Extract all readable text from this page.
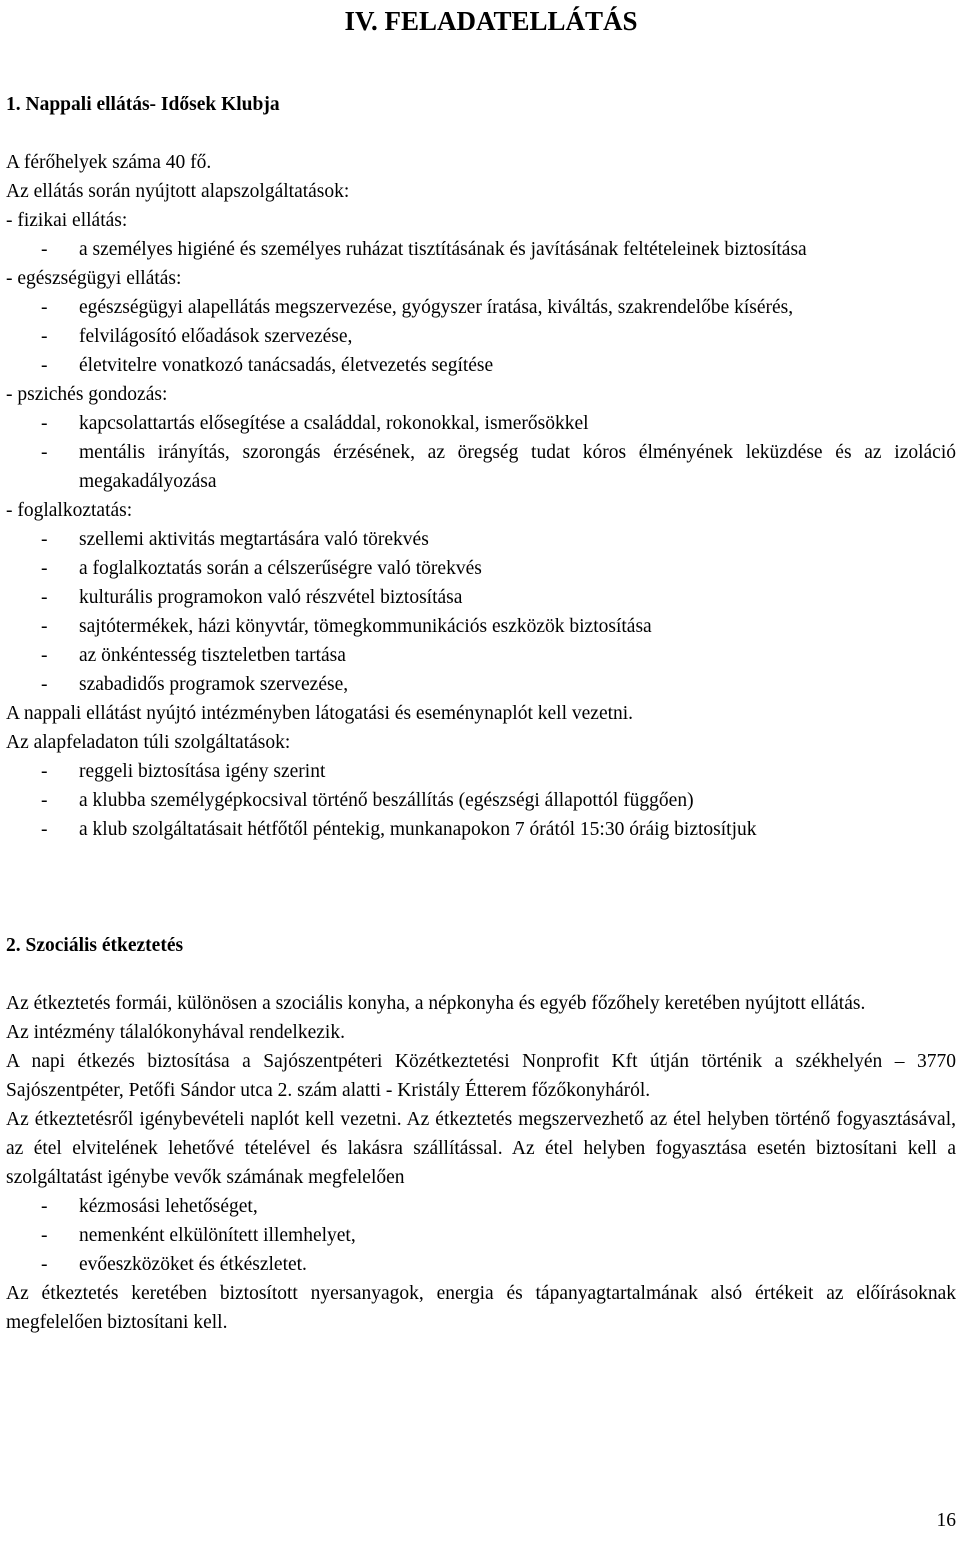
IV. FELADATELLÁTÁS
1. Nappali ellátás- Idősek Klubja

A férőhelyek száma 40 fő.

Az ellátás során nyújtott alapszolgáltatások:

- fizikai ellátás:

- a személyes higiéné és személyes ruházat tisztításának és javításának feltételeinek biztosítása

- egészségügyi ellátás:

- egészségügyi alapellátás megszervezése, gyógyszer íratása, kiváltás, szakrendelőbe kísérés,
- felvilágosító előadások szervezése,
- életvitelre vonatkozó tanácsadás, életvezetés segítése

- pszichés gondozás:

- kapcsolattartás elősegítése a családdal, rokonokkal, ismerősökkel
- mentális irányítás, szorongás érzésének, az öregség tudat kóros élményének leküzdése és az izoláció megakadályozása

- foglalkoztatás:

- szellemi aktivitás megtartására való törekvés
- a foglalkoztatás során a célszerűségre való törekvés
- kulturális programokon való részvétel biztosítása
- sajtótermékek, házi könyvtár, tömegkommunikációs eszközök biztosítása
- az önkéntesség tiszteletben tartása
- szabadidős programok szervezése,

A nappali ellátást nyújtó intézményben látogatási és eseménynaplót kell vezetni.

Az alapfeladaton túli szolgáltatások:

- reggeli biztosítása igény szerint
- a klubba személygépkocsival történő beszállítás (egészségi állapottól függően)
- a klub szolgáltatásait hétfőtől péntekig, munkanapokon 7 órától 15:30 óráig biztosítjuk
2. Szociális étkeztetés

Az étkeztetés formái, különösen a szociális konyha, a népkonyha és egyéb főzőhely keretében nyújtott ellátás.

Az intézmény tálalókonyhával rendelkezik.

A napi étkezés biztosítása a Sajószentpéteri Közétkeztetési Nonprofit Kft útján történik a székhelyén – 3770 Sajószentpéter, Petőfi Sándor utca 2. szám alatti - Kristály Étterem főzőkonyháról.

Az étkeztetésről igénybevételi naplót kell vezetni. Az étkeztetés megszervezhető az étel helyben történő fogyasztásával, az étel elvitelének lehetővé tételével és lakásra szállítással. Az étel helyben fogyasztása esetén biztosítani kell a szolgáltatást igénybe vevők számának megfelelően

- kézmosási lehetőséget,
- nemenként elkülönített illemhelyet,
- evőeszközöket és étkészletet.

Az étkeztetés keretében biztosított nyersanyagok, energia és tápanyagtartalmának alsó értékeit az előírásoknak megfelelően biztosítani kell.

16
